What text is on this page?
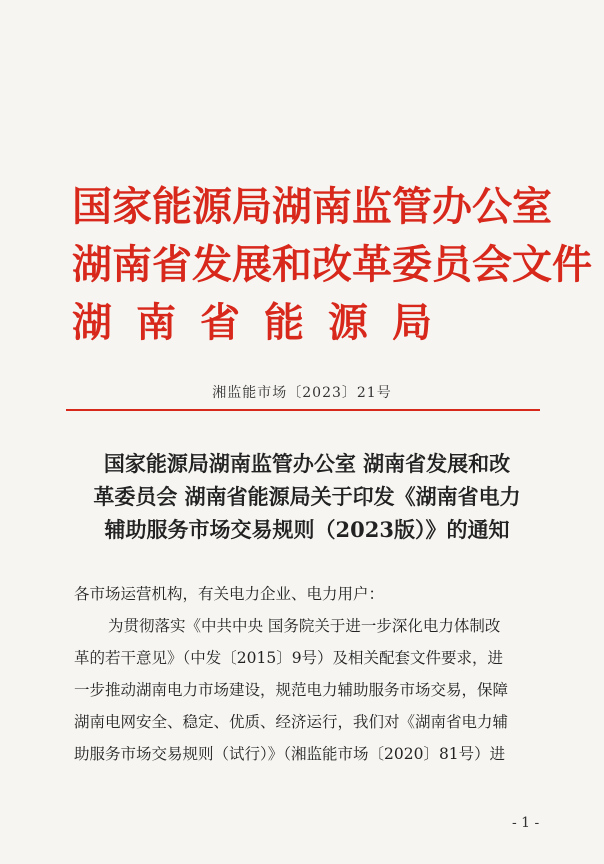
国家能源局湖南监管办公室
湖南省发展和改革委员会文件
湖南省能源局
湘监能市场〔2023〕21号
国家能源局湖南监管办公室 湖南省发展和改
革委员会 湖南省能源局关于印发《湖南省电力
辅助服务市场交易规则（2023版）》的通知
各市场运营机构，有关电力企业、电力用户：
为贯彻落实《中共中央 国务院关于进一步深化电力体制改
革的若干意见》（中发〔2015〕9号）及相关配套文件要求，进
一步推动湖南电力市场建设，规范电力辅助服务市场交易，保障
湖南电网安全、稳定、优质、经济运行，我们对《湖南省电力辅
助服务市场交易规则（试行）》（湘监能市场〔2020〕81号）进
- 1 -
